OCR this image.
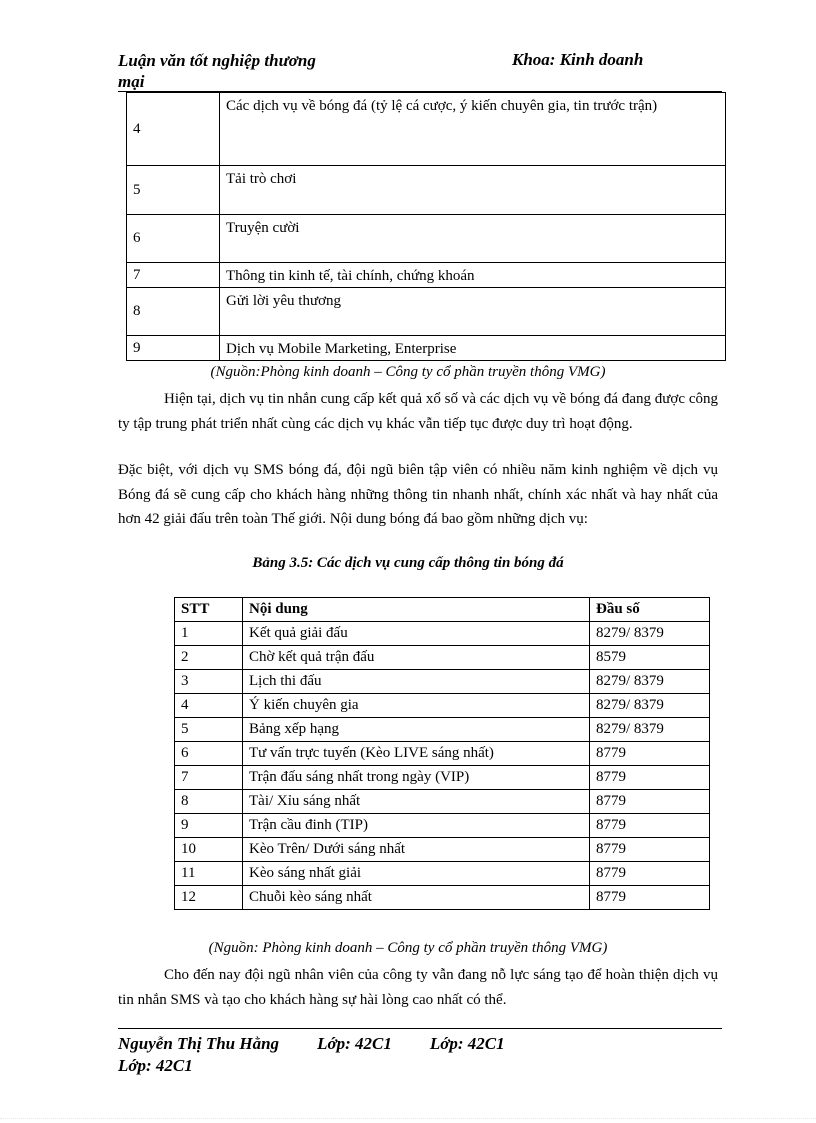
Luận văn tốt nghiệp thương mại
Khoa: Kinh doanh
4	Các dịch vụ về bóng đá (tỷ lệ cá cược, ý kiến chuyên gia, tin trước trận)
5	Tải trò chơi
6	Truyện cười
7	Thông tin kinh tế, tài chính, chứng khoán
8	Gửi lời yêu thương
9	Dịch vụ Mobile Marketing, Enterprise
(Nguồn:Phòng kinh doanh – Công ty cổ phần truyền thông VMG)
Hiện tại, dịch vụ tin nhắn cung cấp kết quả xổ số và các dịch vụ về bóng đá đang được công ty tập trung phát triển nhất cùng các dịch vụ khác vẫn tiếp tục được duy trì hoạt động.
Đặc biệt, với dịch vụ SMS bóng đá, đội ngũ biên tập viên có nhiều năm kinh nghiệm về dịch vụ Bóng đá sẽ cung cấp cho khách hàng những thông tin nhanh nhất, chính xác nhất và hay nhất của hơn 42 giải đấu trên toàn Thế giới. Nội dung bóng đá bao gồm những dịch vụ:
Bảng 3.5: Các dịch vụ cung cấp thông tin bóng đá
STT	Nội dung	Đầu số
1	Kết quả giải đấu	8279/ 8379
2	Chờ kết quả trận đấu	8579
3	Lịch thi đấu	8279/ 8379
4	Ý kiến chuyên gia	8279/ 8379
5	Bảng xếp hạng	8279/ 8379
6	Tư vấn trực tuyến (Kèo LIVE sáng nhất)	8779
7	Trận đấu sáng nhất trong ngày (VIP)	8779
8	Tài/ Xỉu sáng nhất	8779
9	Trận cầu đinh (TIP)	8779
10	Kèo Trên/ Dưới sáng nhất	8779
11	Kèo sáng nhất giải	8779
12	Chuỗi kèo sáng nhất	8779
(Nguồn: Phòng kinh doanh – Công ty cổ phần truyền thông VMG)
Cho đến nay đội ngũ nhân viên của công ty vẫn đang nỗ lực sáng tạo để hoàn thiện dịch vụ tin nhắn SMS và tạo cho khách hàng sự hài lòng cao nhất có thể.
Nguyễn Thị Thu Hằng Lớp: 42C1 Lớp: 42C1
Lớp: 42C1
